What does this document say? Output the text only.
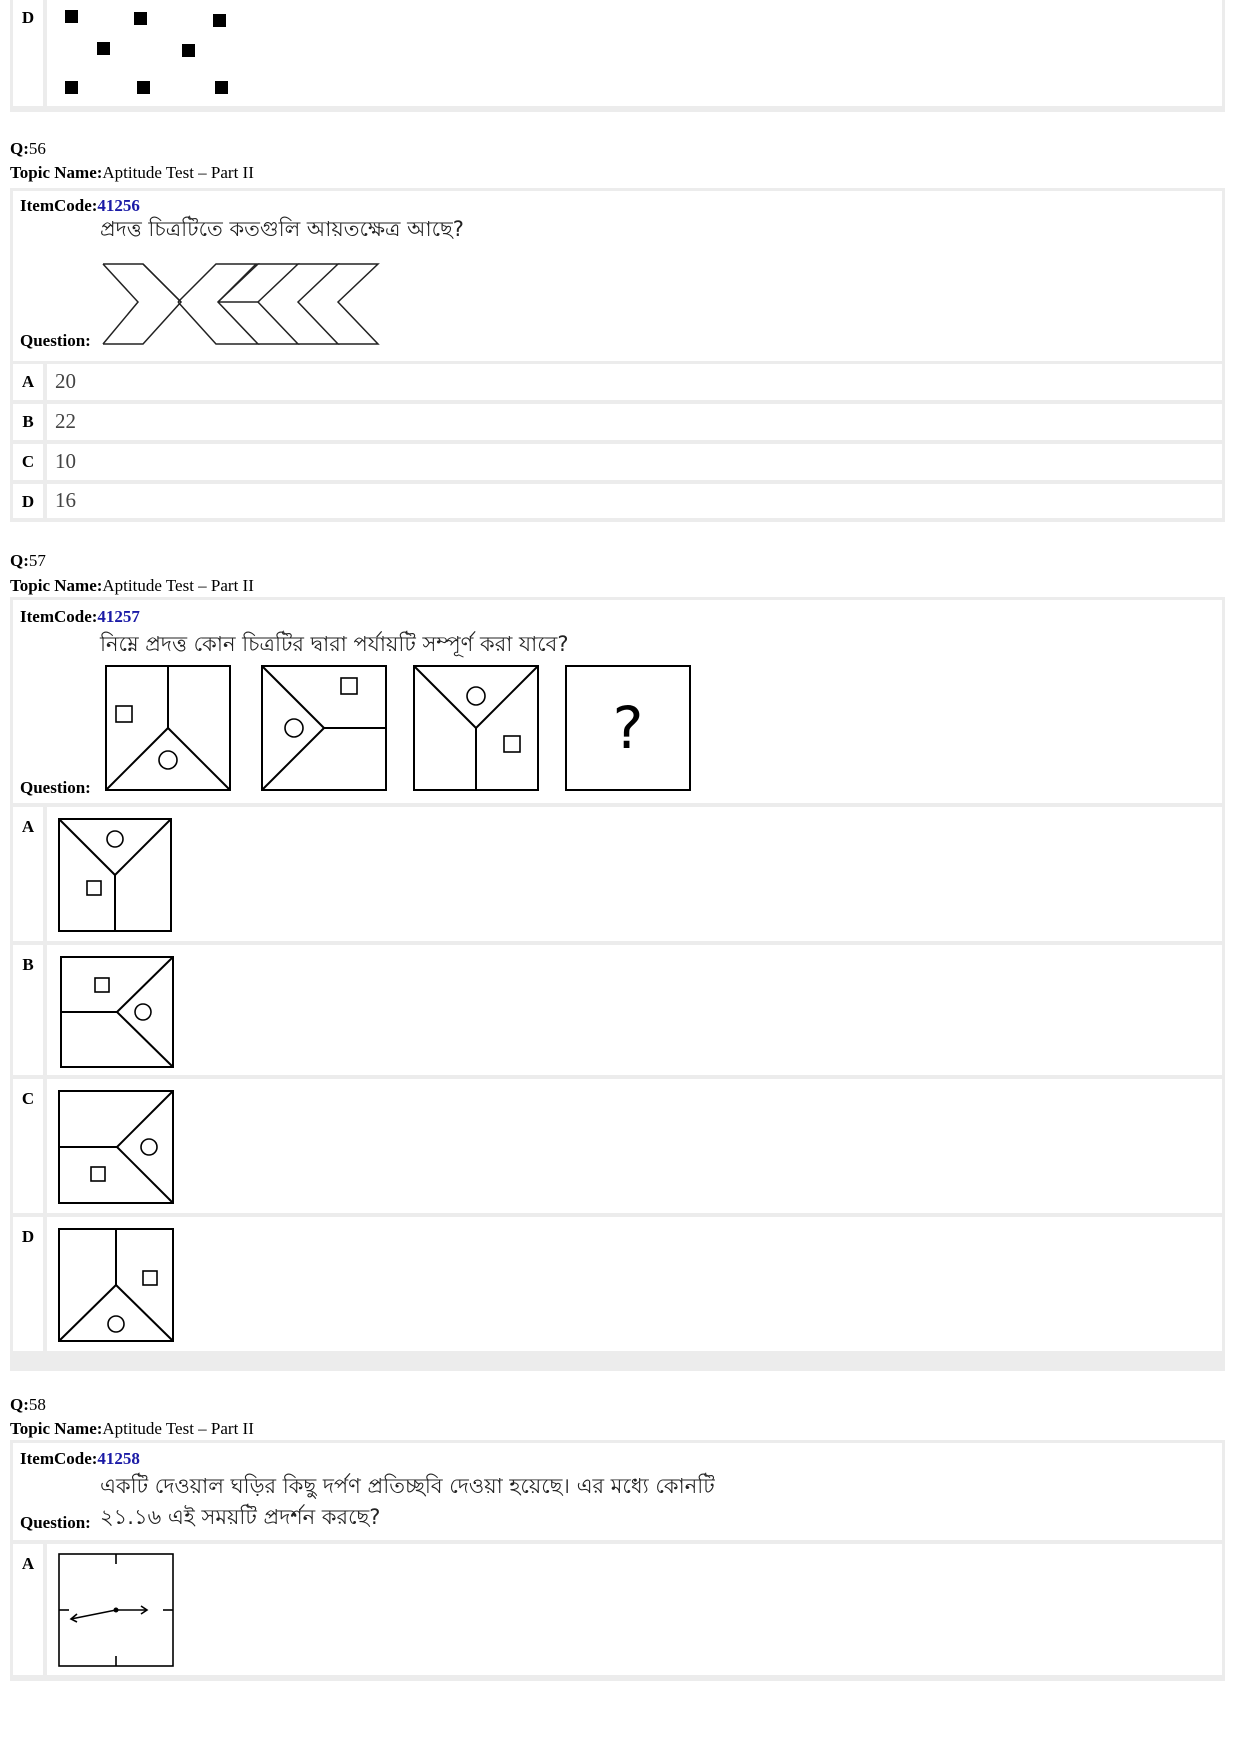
D
Q:56
Topic Name:Aptitude Test – Part II
ItemCode:41256
প্রদত্ত চিত্রটিতে কতগুলি আয়তক্ষেত্র আছে?
Question:
A 20
B	22
C 10
D 16
Q:57
Topic Name:Aptitude Test – Part II
ItemCode:41257
নিম্নে প্রদত্ত কোন চিত্রটির দ্বারা পর্যায়টি সম্পূর্ণ করা যাবে?
?
Question:
A
B
C
D
Q:58
Topic Name:Aptitude Test – Part II
ItemCode:41258
একটি দেওয়াল ঘড়ির কিছু দর্পণ প্রতিচ্ছবি দেওয়া হয়েছে। এর মধ্যে কোনটি
২১.১৬ এই সময়টি প্রদর্শন করছে?
Question:
A
